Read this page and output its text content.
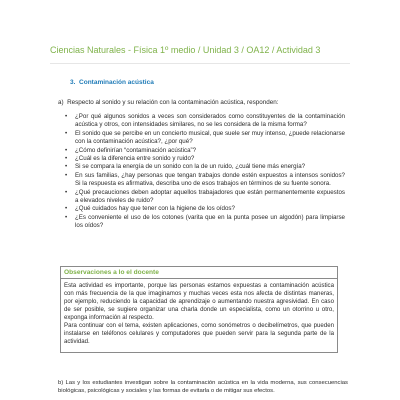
Ciencias Naturales - Física 1º medio / Unidad 3 / OA12 / Actividad 3
3. Contaminación acústica
a) Respecto al sonido y su relación con la contaminación acústica, responden:
• ¿Por qué algunos sonidos a veces son considerados como constituyentes de la contaminación acústica y otros, con intensidades similares, no se les considera de la misma forma?
• El sonido que se percibe en un concierto musical, que suele ser muy intenso, ¿puede relacionarse con la contaminación acústica?, ¿por qué?
• ¿Cómo definirían “contaminación acústica”?
• ¿Cuál es la diferencia entre sonido y ruido?
• Si se compara la energía de un sonido con la de un ruido, ¿cuál tiene más energía?
• En sus familias, ¿hay personas que tengan trabajos donde estén expuestos a intensos sonidos? Si la respuesta es afirmativa, describa uno de esos trabajos en términos de su fuente sonora.
• ¿Qué precauciones deben adoptar aquellos trabajadores que están permanentemente expuestos a elevados niveles de ruido?
• ¿Qué cuidados hay que tener con la higiene de los oídos?
• ¿Es conveniente el uso de los cotones (varita que en la punta posee un algodón) para limpiarse los oídos?
Observaciones a lo el docente

Esta actividad es importante, porque las personas estamos expuestas a contaminación acústica con más frecuencia de la que imaginamos y muchas veces esta nos afecta de distintas maneras, por ejemplo, reduciendo la capacidad de aprendizaje o aumentando nuestra agresividad. En caso de ser posible, se sugiere organizar una charla donde un especialista, como un otorrino u otro, exponga información al respecto.

Para continuar con el tema, existen aplicaciones, como sonómetros o decibelímetros, que pueden instalarse en teléfonos celulares y computadores que pueden servir para la segunda parte de la actividad.

b) Las y los estudiantes investigan sobre la contaminación acústica en la vida moderna, sus consecuencias biológicas, psicológicas y sociales y las formas de evitarla o de mitigar sus efectos.
